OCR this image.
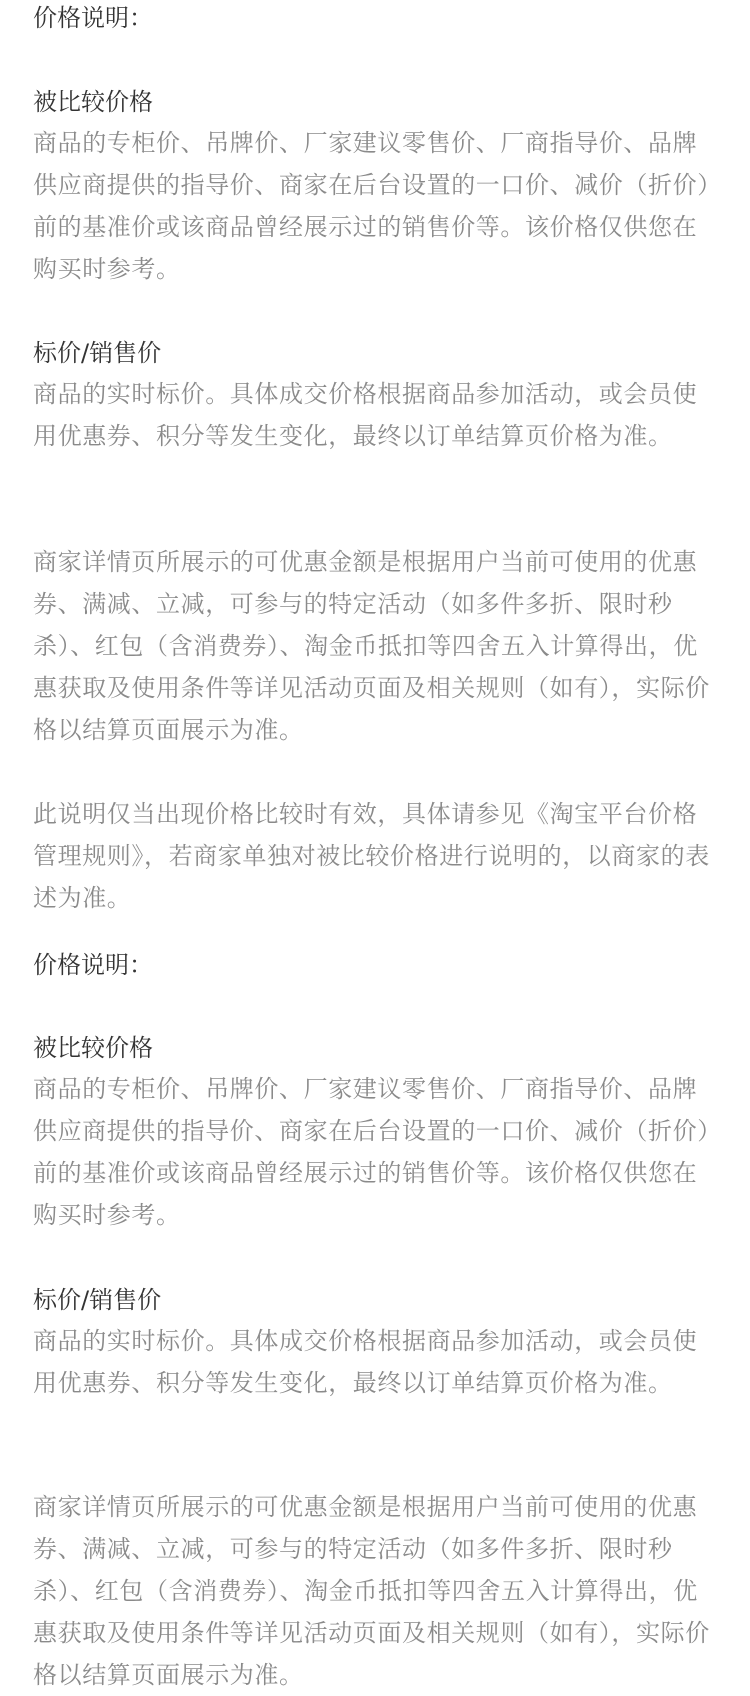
价格说明：
被比较价格

商品的专柜价、吊牌价、厂家建议零售价、厂商指导价、品牌供应商提供的指导价、商家在后台设置的一口价、减价（折价）前的基准价或该商品曾经展示过的销售价等。该价格仅供您在购买时参考。

标价/销售价

商品的实时标价。具体成交价格根据商品参加活动，或会员使用优惠券、积分等发生变化，最终以订单结算页价格为准。

商家详情页所展示的可优惠金额是根据用户当前可使用的优惠券、满减、立减，可参与的特定活动（如多件多折、限时秒杀）、红包（含消费券）、淘金币抵扣等四舍五入计算得出，优惠获取及使用条件等详见活动页面及相关规则（如有），实际价格以结算页面展示为准。

此说明仅当出现价格比较时有效，具体请参见《淘宝平台价格管理规则》，若商家单独对被比较价格进行说明的，以商家的表述为准。

价格说明：
被比较价格

商品的专柜价、吊牌价、厂家建议零售价、厂商指导价、品牌供应商提供的指导价、商家在后台设置的一口价、减价（折价）前的基准价或该商品曾经展示过的销售价等。该价格仅供您在购买时参考。

标价/销售价

商品的实时标价。具体成交价格根据商品参加活动，或会员使用优惠券、积分等发生变化，最终以订单结算页价格为准。

商家详情页所展示的可优惠金额是根据用户当前可使用的优惠券、满减、立减，可参与的特定活动（如多件多折、限时秒杀）、红包（含消费券）、淘金币抵扣等四舍五入计算得出，优惠获取及使用条件等详见活动页面及相关规则（如有），实际价格以结算页面展示为准。
